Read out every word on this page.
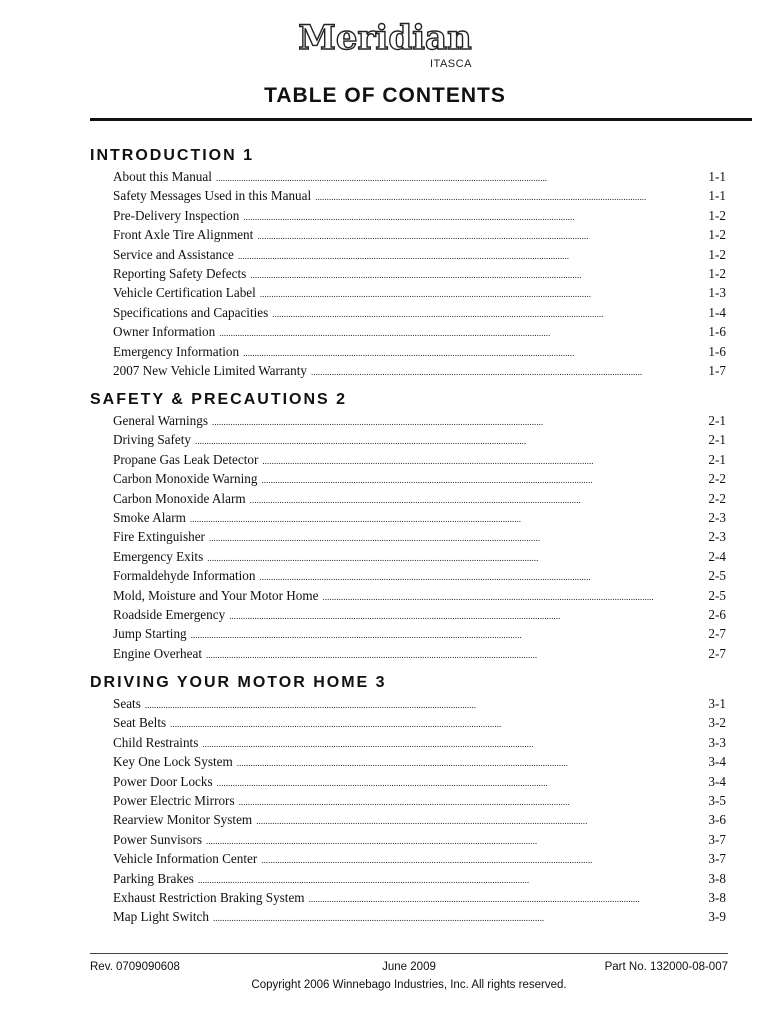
Meridian
ITASCA
TABLE OF CONTENTS
INTRODUCTION 1
About this Manual . . .	1-1
Safety Messages Used in this Manual . . .	1-1
Pre-Delivery Inspection . . .	1-2
Front Axle Tire Alignment . . .	1-2
Service and Assistance . . .	1-2
Reporting Safety Defects . . .	1-2
Vehicle Certification Label . . .	1-3
Specifications and Capacities . . .	1-4
Owner Information . . .	1-6
Emergency Information . . .	1-6
2007 New Vehicle Limited Warranty . . .	1-7
SAFETY & PRECAUTIONS 2
General Warnings . . .	2-1
Driving Safety . . .	2-1
Propane Gas Leak Detector . . .	2-1
Carbon Monoxide Warning . . .	2-2
Carbon Monoxide Alarm . . .	2-2
Smoke Alarm . . .	2-3
Fire Extinguisher . . .	2-3
Emergency Exits . . .	2-4
Formaldehyde Information . . .	2-5
Mold, Moisture and Your Motor Home . . .	2-5
Roadside Emergency . . .	2-6
Jump Starting . . .	2-7
Engine Overheat . . .	2-7
DRIVING YOUR MOTOR HOME 3
Seats . . .	3-1
Seat Belts . . .	3-2
Child Restraints . . .	3-3
Key One Lock System . . .	3-4
Power Door Locks . . .	3-4
Power Electric Mirrors . . .	3-5
Rearview Monitor System . . .	3-6
Power Sunvisors . . .	3-7
Vehicle Information Center . . .	3-7
Parking Brakes . . .	3-8
Exhaust Restriction Braking System . . .	3-8
Map Light Switch . . .	3-9
Rev. 0709090608	June 2009	Part No. 132000-08-007
Copyright 2006 Winnebago Industries, Inc. All rights reserved.
